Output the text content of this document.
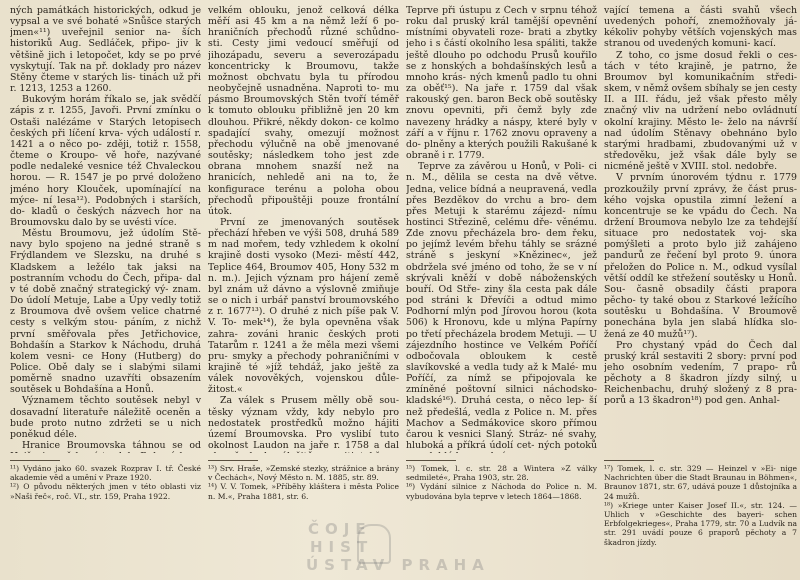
ných památkách historických, odkud je vypsal a ve své bohaté »Snůšce starých jmen«¹¹) uveřejnil senior na- ších historiků Aug. Sedláček, připo- jiv k většině jich i letopočet, kdy se po prvé vyskytují. Tak na př. doklady pro název Stěny čteme v starých lis- tinách už při r. 1213, 1253 a 1260.

Bukovým horám říkalo se, jak svědčí zápis z r. 1255, Javoři. První zmínku o Ostaši nalézáme v Starých letopisech českých při líčení krva- vých událostí r. 1421 a o něco po- zději, totiž r. 1558, čteme o Kroupo- vě hoře, nazývané podle nedaleké vesnice též Chvaleckou horou. — R. 1547 je po prvé doloženo jméno hory Klouček, upomínající na mýce- ní lesa¹²). Podobných i starších, do- kladů o českých názvech hor na Broumovsku dalo by se uvésti více.

Městu Broumovu, jež údolím Stě- navy bylo spojeno na jedné straně s Frýdlandem ve Slezsku, na druhé s Kladskem a ležélo tak jaksi na postranním vchodu do Čech, připa- dal v té době značný strategický vý- znam. Do údolí Metuje, Labe a Úpy vedly totiž z Broumova dvě ovšem velice chatrné cesty s velkým stou- páním, z nichž první směřovala přes Jetřichovice, Bohdašín a Starkov k Náchodu, druhá kolem vesni- ce Hony (Hutberg) do Police. Obě daly se i slabými silami poměrně snadno uzavříti obsazením soutěsek u Bohdašína a Honů.

Významem těchto soutěsek nebyl v dosavadní literatuře náležitě oceněn a bude proto nutno zdržeti se u nich poněkud déle.

Hranice Broumovska táhnou se od

velkém oblouku, jenož celková délka měří asi 45 km a na němž leží 6 po- hraničních přechodů různé schůdno- sti. Cesty jimi vedoucí směřují od jihozápadu, severu a severozápadu koncentricky k Broumovu, takže možnost obchvatu byla tu přírodou neobyčejně usnadněna. Naproti to- mu pásmo Broumovských Stěn tvoří téměř k tomuto oblouku přibližně jen 20 km dlouhou. Přikré, někdy dokon- ce kolmo spadající svahy, omezují možnost přechodu výlučně na obě jmenované soutěsky; následkem toho jest zde obrana mnohem snazší než na hranicích, nehledě ani na to, že konfigurace terénu a poloha obou přechodů připouštěji pouze frontální útok.

První ze jmenovaných soutěsek přechází hřeben ve výši 508, druhá 589 m nad mořem, tedy vzhledem k okolní krajině dosti vysoko (Mezi- městí 442, Teplice 464, Broumov 405, Hony 532 m n. m.). Jejich význam pro hájení země byl znám už dávno a výslovně zmiňuje se o nich i urbář panství broumovského z r. 1677¹³). O druhé z nich píše pak V. V. To- mek¹⁴), že byla opevněna však zahra- zováni hranic českých proti Tatarům r. 1241 a že měla mezi všemi pru- smyky a přechody pohraničními v krajině té »jíž tehdáž, jako ještě za válek novověkých, vojenskou důle- žitost.«

Za válek s Prusem mělly obě sou- těsky význam vždy, kdy nebylo pro nedostatek prostředků možno hájiti území Broumovska. Pro vyslibí tuto okolnost Laudon na jaře r. 1758 a dal

Teprve při ústupu z Čech v srpnu téhož roku dal pruský král tamější opevnění místními obyvateli roze- brati a zbytky jeho i s částí okolního lesa spáliti, takže ještě dlouho po odchodu Prusů kouřilo se z honských a bohdašínských lesů a mnoho krás- ných kmenů padlo tu ohni za oběť¹⁵). Na jaře r. 1759 dal však rakouský gen. baron Beck obě soutěsky znovu opevniti, při čemž byly zde navezeny hrádky a náspy, které byly v září a v říjnu r. 1762 znovu opraveny a do- plněny a kterých použili Rakušané k obraně i r. 1779.

Teprve za závěrou u Honů, v Poli- ci n. M., dělila se cesta na dvě větve. Jedna, velice bídná a neupravená, vedla přes Bezděkov do vrchu a bro- dem přes Metuji k starému zájezd- nímu hostinci Střezině, celému dře- věnému. Zde znovu přecházela bro- dem řeku, po jejímž levém břehu táhly se srázné stráně s jeskyní »Knězinec«, jež obdržela své jméno od toho, že se v ní skrývali kněží v době náboženských bouří. Od Stře- ziny šla cesta pak dále pod stráni k Dřevíči a odtud mimo Podhorní mlýn pod Jírovou horou (kota 506) k Hronovu, kde u mlýna Papírny po třetí přecházela brodem Metuji. — U zájezdního hostince ve Velkém Poříčí odbočovala obloukem k cestě slavíkovské a vedla tudy až k Malé- mu Poříčí, za nímž se připojovala ke zmíněné poštovní silnici náchodsko- kladské¹⁶). Druhá cesta, o něco lep- ší než předešlá, vedla z Police n. M. přes Machov a Sedmákovice skoro přímou čarou k vesnici Slaný. Stráz- né svahy, hluboká a příkrá údolí cet- ných potoků

vající temena a části svahů všech uvedených pohoří, znemožňovaly já- kékoliv pohyby větších vojenských mas stranou od uvedených komuni- kací.

Z toho, co jsme dosud řekli o ces- tách v této krajině, je patrno, že Broumov byl komunikačním středi- skem, v němž ovšem sbíhaly se jen cesty II. a III. řádu, jež však přesto měly značný vliv na udržení nebo ovládnutí okolní krajiny. Město le- želo na návrší nad údolím Stěnavy obehnáno bylo starými hradbami, zbudovanými už v středověku, jež však dále byly se nicméně ještě v XVIII. stol. nedobře.

V prvním únorovém týdnu r. 1779 prozkoužily první zprávy, že část prus- kého vojska opustila zimní ležení a koncentruje se ke vpádu do Čech. Na držení Broumova nebylo lze za tehdejší situace pro nedostatek voj- ska pomýšleti a proto bylo již zahájeno pandurů ze řečení byl proto 9. února přeložen do Police n. M., odkud vysílal větší oddíl ke střežení soutěsky u Honů. Sou- časně obsadily části prapora pěcho- ty také obou z Starkové ležícího soutěsku u Bohdašína. V Broumově ponechána byla jen slabá hlídka slo- žená ze 40 mužů¹⁷).

Pro chystaný vpád do Čech dal pruský král sestaviti 2 sbory: první pod jeho osobním vedením, 7 prapo- rů pěchoty a 8 škadron jízdy silný, u Reichenbachu, druhý složený z 8 pra- porů a 13 škadron¹⁸) pod gen. Anhal-

¹¹) Vydáno jako 60. svazek Rozprav I. tř. České akademie věd a umění v Praze 1920.

¹²) O původu některých jmen v této oblasti viz »Naši řeč«, roč. VI., str. 159, Praha 1922.

¹³) Srv. Hraše, »Zemské stezky, strážnice a brány v Čechách«, Nový Město n. M. 1885, str. 89.

¹⁴) V. V. Tomek, »Příběhy kláštera i města Police n. M.«, Praha 1881, str. 6.

¹⁵) Tomek, l. c. str. 28 a Wintera »Z války sedmileté«, Praha 1903, str. 28.

¹⁶) Vydání silnice z Náchoda do Police n. M. vybudována byla teprve v letech 1864—1868.

¹⁷) Tomek, l. c. str. 329 — Heinzel v »Ei- nige Nachrichten über die Stadt Braunau in Böhmen«, Braunov 1871, str. 67, udává pouze 1 důstojníka a 24 mužů.

¹⁸) »Kriege unter Kaiser Josef II.«, str. 124. — Uhlich v »Geschichte des bayeri- schen Erbfolgekrieges«, Praha 1779, str. 70 a Ludvík na str. 291 uvádí pouze 6 praporů pěchoty a 7 škadron jízdy.

ČOJE
HIST
ÚSTAV PRAHA
